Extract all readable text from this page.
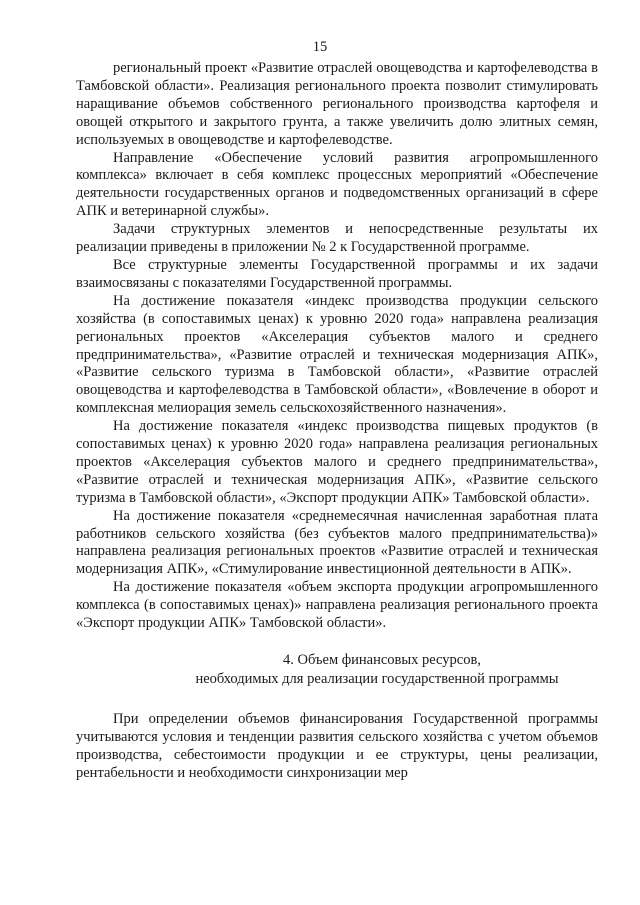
15

региональный проект «Развитие отраслей овощеводства и картофелеводства в Тамбовской области». Реализация регионального проекта позволит стимулировать наращивание объемов собственного регионального производства картофеля и овощей открытого и закрытого грунта, а также увеличить долю элитных семян, используемых в овощеводстве и картофелеводстве.

Направление «Обеспечение условий развития агропромышленного комплекса» включает в себя комплекс процессных мероприятий «Обеспечение деятельности государственных органов и подведомственных организаций в сфере АПК и ветеринарной службы».

Задачи структурных элементов и непосредственные результаты их реализации приведены в приложении № 2 к Государственной программе.

Все структурные элементы Государственной программы и их задачи взаимосвязаны с показателями Государственной программы.

На достижение показателя «индекс производства продукции сельского хозяйства (в сопоставимых ценах) к уровню 2020 года» направлена реализация региональных проектов «Акселерация субъектов малого и среднего предпринимательства», «Развитие отраслей и техническая модернизация АПК», «Развитие сельского туризма в Тамбовской области», «Развитие отраслей овощеводства и картофелеводства в Тамбовской области», «Вовлечение в оборот и комплексная мелиорация земель сельскохозяйственного назначения».

На достижение показателя «индекс производства пищевых продуктов (в сопоставимых ценах) к уровню 2020 года» направлена реализация региональных проектов «Акселерация субъектов малого и среднего предпринимательства», «Развитие отраслей и техническая модернизация АПК», «Развитие сельского туризма в Тамбовской области», «Экспорт продукции АПК» Тамбовской области».

На достижение показателя «среднемесячная начисленная заработная плата работников сельского хозяйства (без субъектов малого предпринимательства)» направлена реализация региональных проектов «Развитие отраслей и техническая модернизация АПК», «Стимулирование инвестиционной деятельности в АПК».

На достижение показателя «объем экспорта продукции агропромышленного комплекса (в сопоставимых ценах)» направлена реализация регионального проекта «Экспорт продукции АПК» Тамбовской области».

4. Объем финансовых ресурсов,
необходимых для реализации государственной программы

При определении объемов финансирования Государственной программы учитываются условия и тенденции развития сельского хозяйства с учетом объемов производства, себестоимости продукции и ее структуры, цены реализации, рентабельности и необходимости синхронизации мер
